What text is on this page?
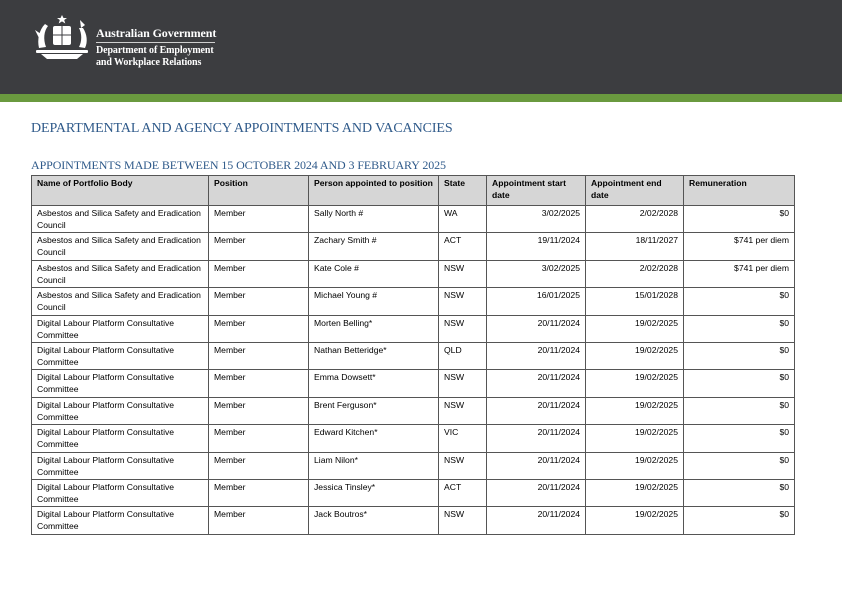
Australian Government
Department of Employment
and Workplace Relations
DEPARTMENTAL AND AGENCY APPOINTMENTS AND VACANCIES
APPOINTMENTS MADE BETWEEN 15 OCTOBER 2024 AND 3 FEBRUARY 2025
Name of Portfolio Body	Position	Person appointed to position	State	Appointment start date	Appointment end date	Remuneration
Asbestos and Silica Safety and Eradication Council	Member	Sally North #	WA	3/02/2025	2/02/2028	$0
Asbestos and Silica Safety and Eradication Council	Member	Zachary Smith #	ACT	19/11/2024	18/11/2027	$741 per diem
Asbestos and Silica Safety and Eradication Council	Member	Kate Cole #	NSW	3/02/2025	2/02/2028	$741 per diem
Asbestos and Silica Safety and Eradication Council	Member	Michael Young #	NSW	16/01/2025	15/01/2028	$0
Digital Labour Platform Consultative Committee	Member	Morten Belling*	NSW	20/11/2024	19/02/2025	$0
Digital Labour Platform Consultative Committee	Member	Nathan Betteridge*	QLD	20/11/2024	19/02/2025	$0
Digital Labour Platform Consultative Committee	Member	Emma Dowsett*	NSW	20/11/2024	19/02/2025	$0
Digital Labour Platform Consultative Committee	Member	Brent Ferguson*	NSW	20/11/2024	19/02/2025	$0
Digital Labour Platform Consultative Committee	Member	Edward Kitchen*	VIC	20/11/2024	19/02/2025	$0
Digital Labour Platform Consultative Committee	Member	Liam Nilon*	NSW	20/11/2024	19/02/2025	$0
Digital Labour Platform Consultative Committee	Member	Jessica Tinsley*	ACT	20/11/2024	19/02/2025	$0
Digital Labour Platform Consultative Committee	Member	Jack Boutros*	NSW	20/11/2024	19/02/2025	$0
